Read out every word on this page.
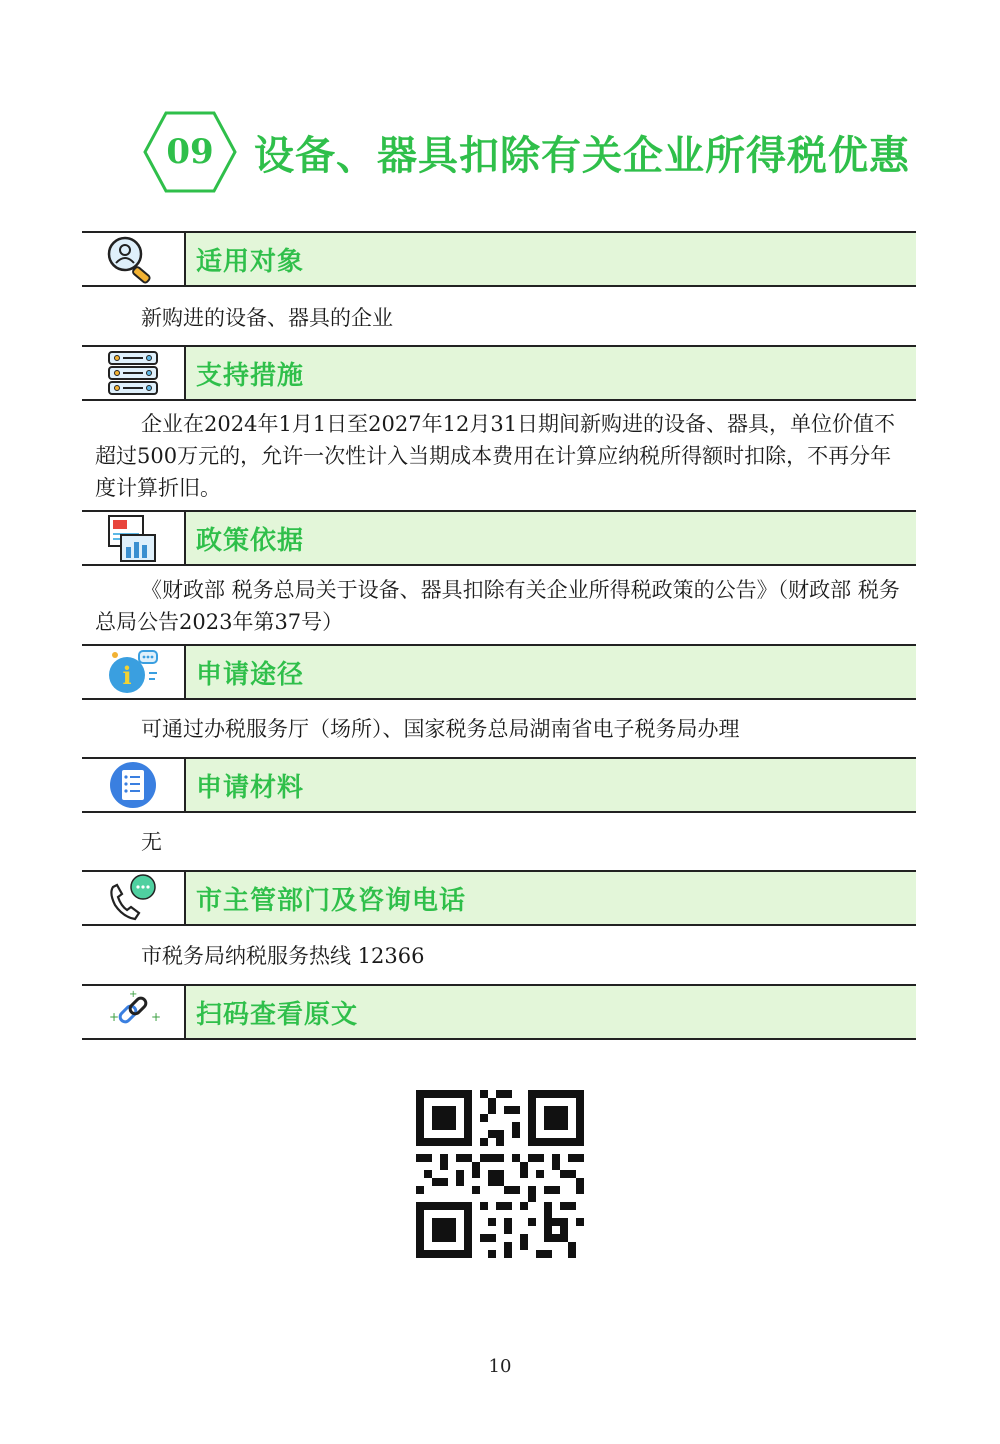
09	设备、器具扣除有关企业所得税优惠
适用对象
新购进的设备、器具的企业
支持措施
企业在2024年1月1日至2027年12月31日期间新购进的设备、器具，单位价值不超过500万元的，允许一次性计入当期成本费用在计算应纳税所得额时扣除，不再分年度计算折旧。
政策依据
《财政部 税务总局关于设备、器具扣除有关企业所得税政策的公告》（财政部 税务总局公告2023年第37号）
i 申请途径
可通过办税服务厅（场所）、国家税务总局湖南省电子税务局办理
申请材料
无
市主管部门及咨询电话
市税务局纳税服务热线 12366
+	+
+
扫码查看原文
10
